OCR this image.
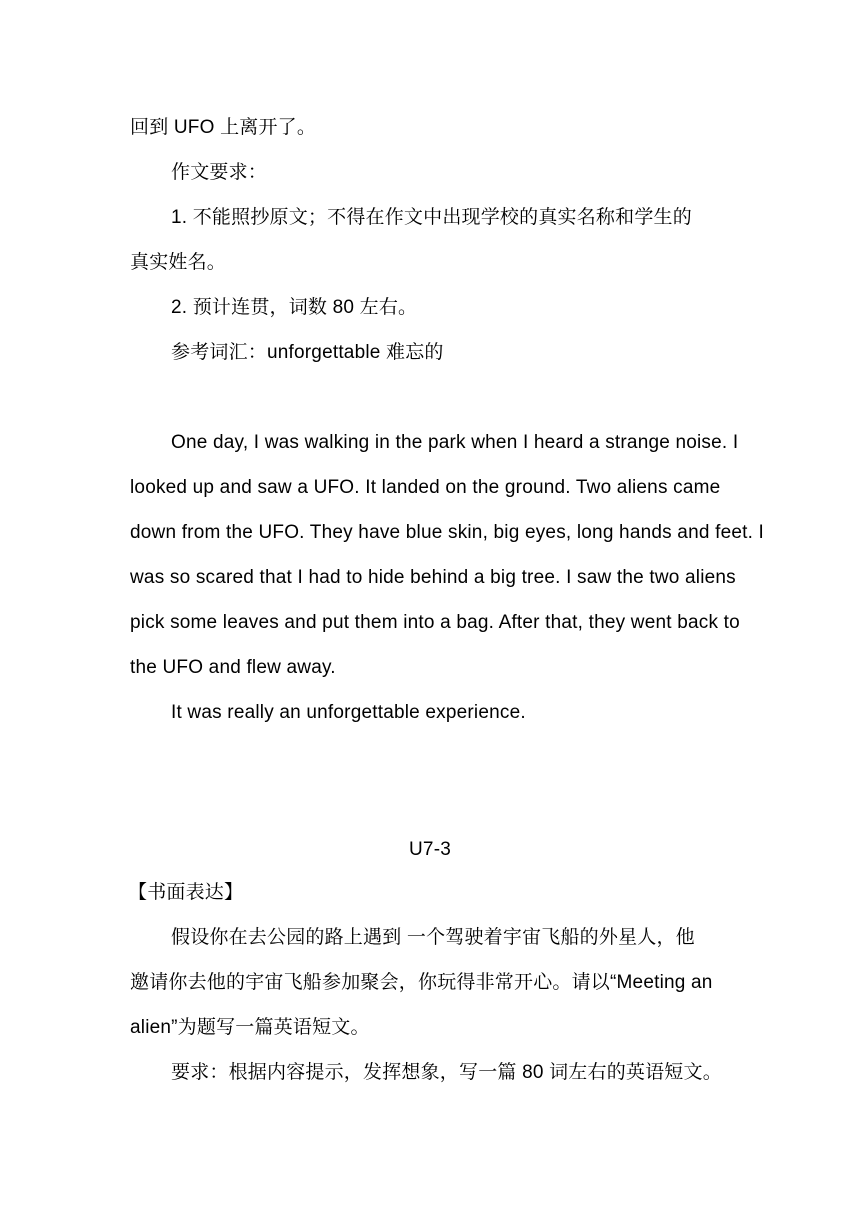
回到 UFO 上离开了。
作文要求：
1. 不能照抄原文；不得在作文中出现学校的真实名称和学生的
真实姓名。
2. 预计连贯，词数 80 左右。
参考词汇：unforgettable 难忘的
One day, I was walking in the park when I heard a strange noise. I
looked up and saw a UFO. It landed on the ground. Two aliens came
down from the UFO. They have blue skin, big eyes, long hands and feet. I
was so scared that I had to hide behind a big tree. I saw the two aliens
pick some leaves and put them into a bag. After that, they went back to
the UFO and flew away.
It was really an unforgettable experience.
U7-3
【书面表达】
假设你在去公园的路上遇到 一个驾驶着宇宙飞船的外星人，他
邀请你去他的宇宙飞船参加聚会，你玩得非常开心。请以“Meeting an
alien”为题写一篇英语短文。
要求：根据内容提示，发挥想象，写一篇 80 词左右的英语短文。
